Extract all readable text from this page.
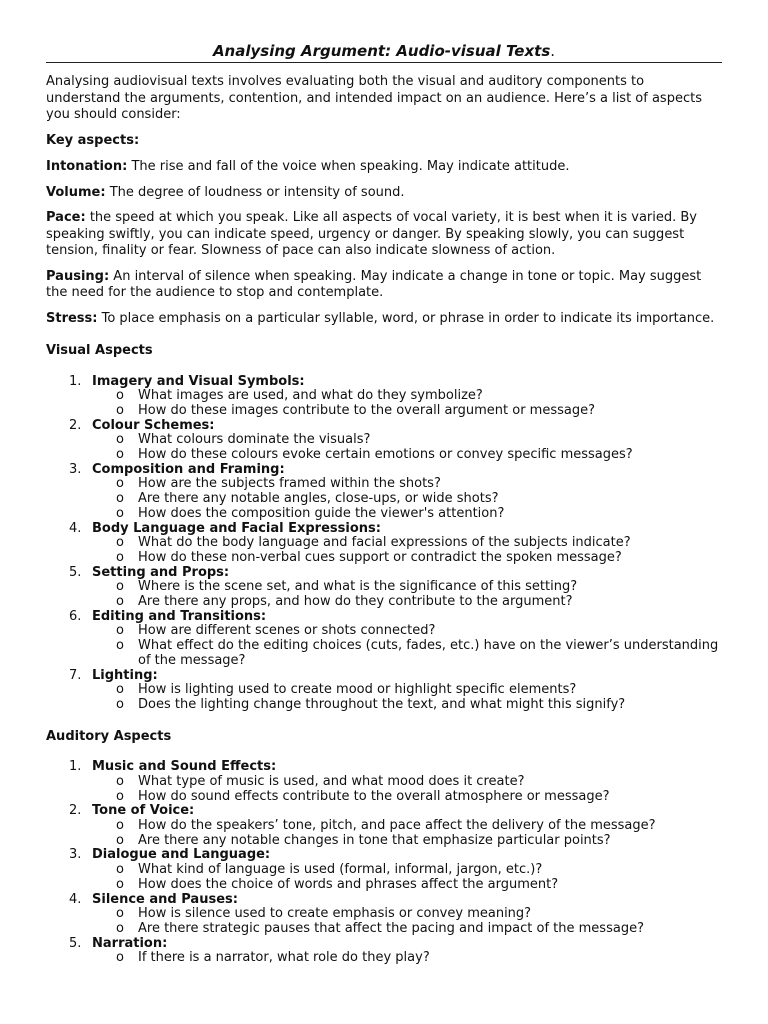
Analysing Argument: Audio-visual Texts.

Analysing audiovisual texts involves evaluating both the visual and auditory components to understand the arguments, contention, and intended impact on an audience. Here’s a list of aspects you should consider:

Key aspects:

Intonation: The rise and fall of the voice when speaking. May indicate attitude.

Volume: The degree of loudness or intensity of sound.

Pace: the speed at which you speak. Like all aspects of vocal variety, it is best when it is varied. By speaking swiftly, you can indicate speed, urgency or danger. By speaking slowly, you can suggest tension, finality or fear. Slowness of pace can also indicate slowness of action.

Pausing: An interval of silence when speaking. May indicate a change in tone or topic. May suggest the need for the audience to stop and contemplate.

Stress: To place emphasis on a particular syllable, word, or phrase in order to indicate its importance.

Visual Aspects

1. Imagery and Visual Symbols:
o What images are used, and what do they symbolize?
o How do these images contribute to the overall argument or message?
2. Colour Schemes:
o What colours dominate the visuals?
o How do these colours evoke certain emotions or convey specific messages?
3. Composition and Framing:
o How are the subjects framed within the shots?
o Are there any notable angles, close-ups, or wide shots?
o How does the composition guide the viewer's attention?
4. Body Language and Facial Expressions:
o What do the body language and facial expressions of the subjects indicate?
o How do these non-verbal cues support or contradict the spoken message?
5. Setting and Props:
o Where is the scene set, and what is the significance of this setting?
o Are there any props, and how do they contribute to the argument?
6. Editing and Transitions:
o How are different scenes or shots connected?
o What effect do the editing choices (cuts, fades, etc.) have on the viewer’s understanding of the message?
7. Lighting:
o How is lighting used to create mood or highlight specific elements?
o Does the lighting change throughout the text, and what might this signify?

Auditory Aspects

1. Music and Sound Effects:
o What type of music is used, and what mood does it create?
o How do sound effects contribute to the overall atmosphere or message?
2. Tone of Voice:
o How do the speakers’ tone, pitch, and pace affect the delivery of the message?
o Are there any notable changes in tone that emphasize particular points?
3. Dialogue and Language:
o What kind of language is used (formal, informal, jargon, etc.)?
o How does the choice of words and phrases affect the argument?
4. Silence and Pauses:
o How is silence used to create emphasis or convey meaning?
o Are there strategic pauses that affect the pacing and impact of the message?
5. Narration:
o If there is a narrator, what role do they play?
